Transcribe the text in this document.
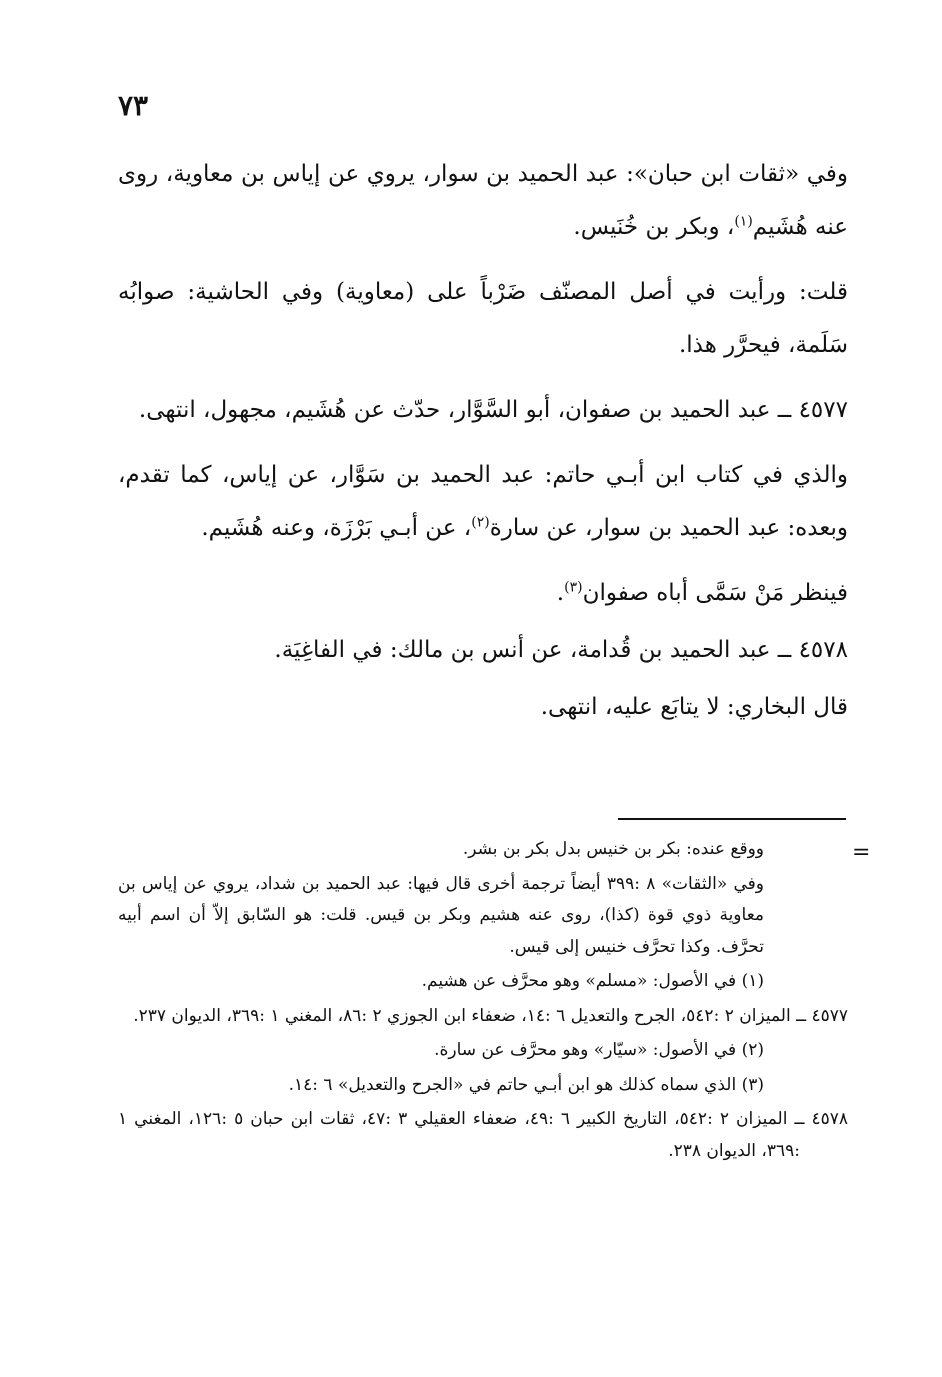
٧٣

وفي «ثقات ابن حبان»: عبد الحميد بن سوار، يروي عن إياس بن معاوية، روى عنه هُشَيم$^{(١)}$، وبكر بن خُنَيس.

قلت: ورأيت في أصل المصنّف ضَرْباً على (معاوية) وفي الحاشية: صوابُه سَلَمة، فيحرَّر هذا.

٤٥٧٧ ــ عبد الحميد بن صفوان، أبو السَّوَّار، حدّث عن هُشَيم، مجهول، انتهى.

والذي في كتاب ابن أبـي حاتم: عبد الحميد بن سَوَّار، عن إياس، كما تقدم، وبعده: عبد الحميد بن سوار، عن سارة$^{(٢)}$، عن أبـي بَرْزَة، وعنه هُشَيم.

فينظر مَنْ سَمَّى أباه صفوان$^{(٣)}$.

٤٥٧٨ ــ عبد الحميد بن قُدامة، عن أنس بن مالك: في الفاغِيَة.

قال البخاري: لا يتابَع عليه، انتهى.

=

ووقع عنده: بكر بن خنيس بدل بكر بن بشر.

وفي «الثقات» ٨ :٣٩٩ أيضاً ترجمة أخرى قال فيها: عبد الحميد بن شداد، يروي عن إياس بن معاوية ذوي قوة (كذا)، روى عنه هشيم وبكر بن قيس. قلت: هو السّابق إلاّ أن اسم أبيه تحرَّف. وكذا تحرَّف خنيس إلى قيس.

(١) في الأصول: «مسلم» وهو محرَّف عن هشيم.

٤٥٧٧ ــ الميزان ٢ :٥٤٢، الجرح والتعديل ٦ :١٤، ضعفاء ابن الجوزي ٢ :٨٦، المغني ١ :٣٦٩، الديوان ٢٣٧.

(٢) في الأصول: «سيّار» وهو محرَّف عن سارة.

(٣) الذي سماه كذلك هو ابن أبـي حاتم في «الجرح والتعديل» ٦ :١٤.

٤٥٧٨ ــ الميزان ٢ :٥٤٢، التاريخ الكبير ٦ :٤٩، ضعفاء العقيلي ٣ :٤٧، ثقات ابن حبان ٥ :١٢٦، المغني ١ :٣٦٩، الديوان ٢٣٨.
